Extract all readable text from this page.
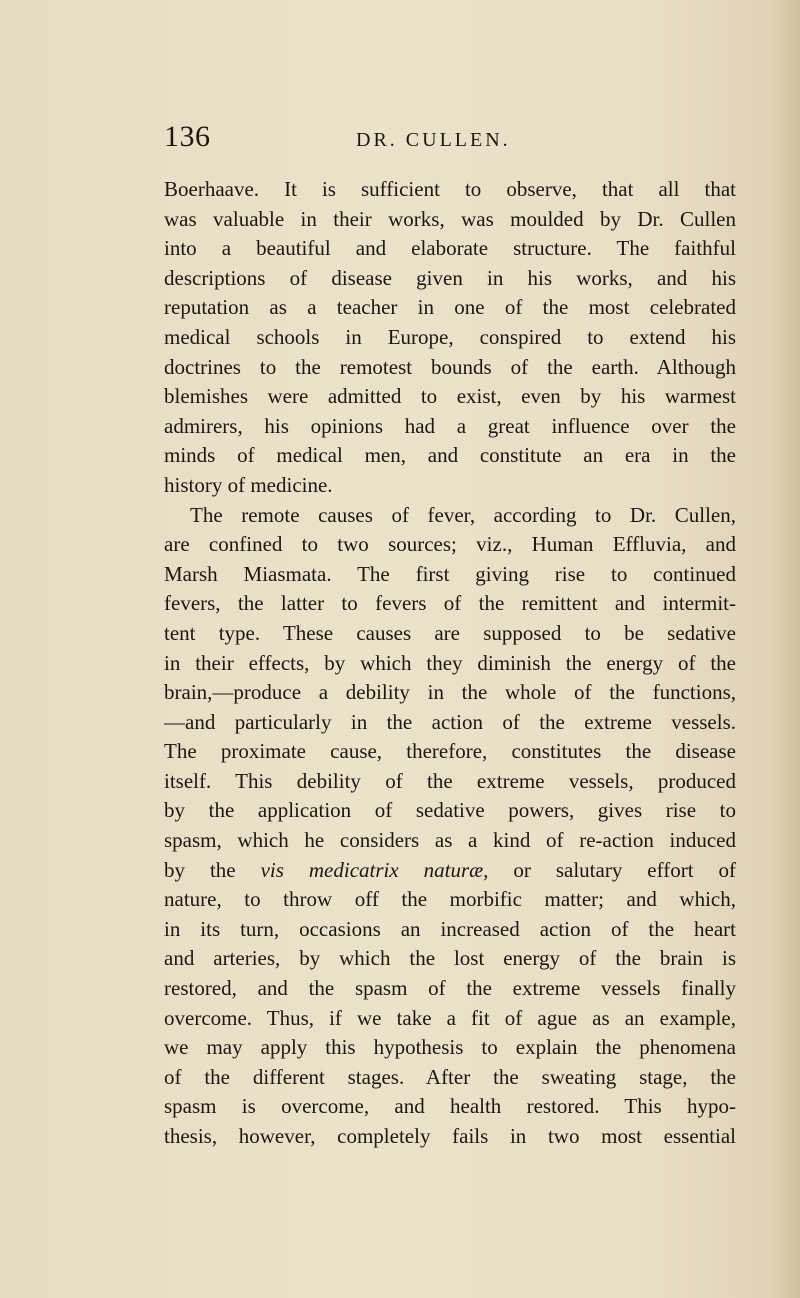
136	DR. CULLEN.
Boerhaave. It is sufficient to observe, that all that
was valuable in their works, was moulded by Dr. Cullen
into a beautiful and elaborate structure. The faithful
descriptions of disease given in his works, and his
reputation as a teacher in one of the most celebrated
medical schools in Europe, conspired to extend his
doctrines to the remotest bounds of the earth. Although
blemishes were admitted to exist, even by his warmest
admirers, his opinions had a great influence over the
minds of medical men, and constitute an era in the
history of medicine.
The remote causes of fever, according to Dr. Cullen,
are confined to two sources; viz., Human Effluvia, and
Marsh Miasmata. The first giving rise to continued
fevers, the latter to fevers of the remittent and intermit-
tent type. These causes are supposed to be sedative
in their effects, by which they diminish the energy of the
brain,—produce a debility in the whole of the functions,
—and particularly in the action of the extreme vessels.
The proximate cause, therefore, constitutes the disease
itself. This debility of the extreme vessels, produced
by the application of sedative powers, gives rise to
spasm, which he considers as a kind of re-action induced
by the vis medicatrix naturæ, or salutary effort of
nature, to throw off the morbific matter; and which,
in its turn, occasions an increased action of the heart
and arteries, by which the lost energy of the brain is
restored, and the spasm of the extreme vessels finally
overcome. Thus, if we take a fit of ague as an example,
we may apply this hypothesis to explain the phenomena
of the different stages. After the sweating stage, the
spasm is overcome, and health restored. This hypo-
thesis, however, completely fails in two most essential
